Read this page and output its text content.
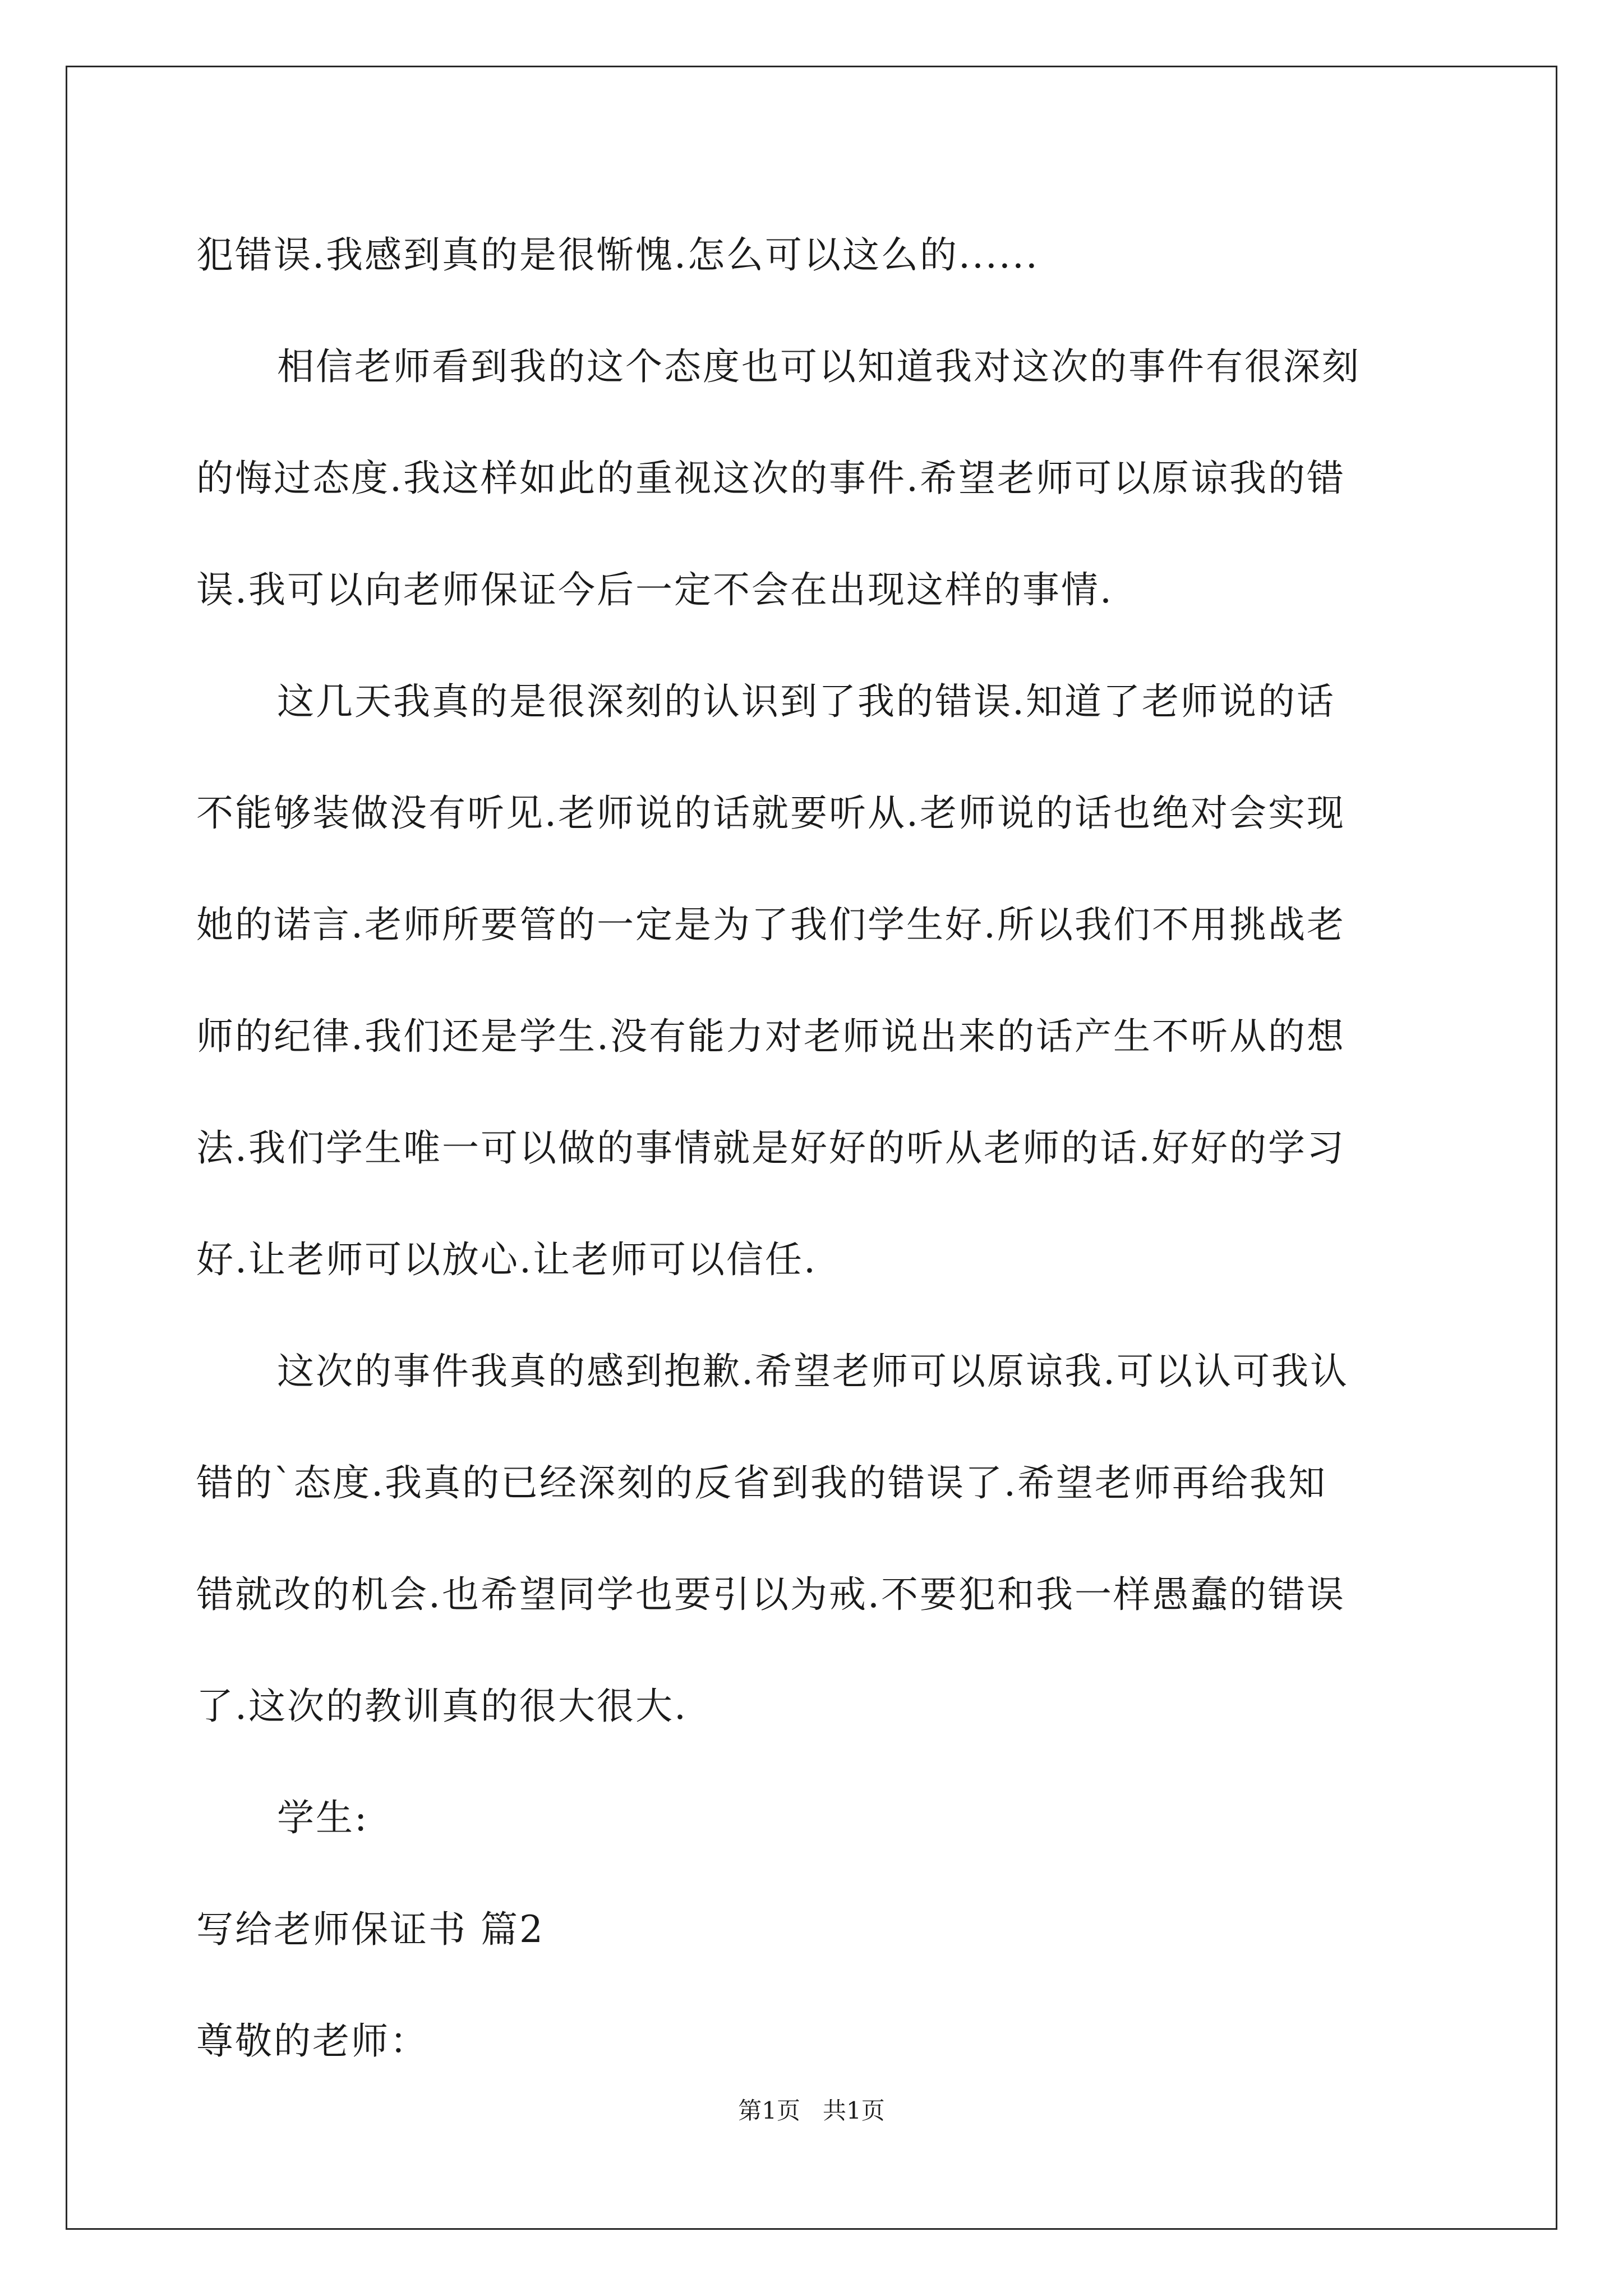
犯错误.我感到真的是很惭愧.怎么可以这么的......
相信老师看到我的这个态度也可以知道我对这次的事件有很深刻
的悔过态度.我这样如此的重视这次的事件.希望老师可以原谅我的错
误.我可以向老师保证今后一定不会在出现这样的事情.
这几天我真的是很深刻的认识到了我的错误.知道了老师说的话
不能够装做没有听见.老师说的话就要听从.老师说的话也绝对会实现
她的诺言.老师所要管的一定是为了我们学生好.所以我们不用挑战老
师的纪律.我们还是学生.没有能力对老师说出来的话产生不听从的想
法.我们学生唯一可以做的事情就是好好的听从老师的话.好好的学习
好.让老师可以放心.让老师可以信任.
这次的事件我真的感到抱歉.希望老师可以原谅我.可以认可我认
错的`态度.我真的已经深刻的反省到我的错误了.希望老师再给我知
错就改的机会.也希望同学也要引以为戒.不要犯和我一样愚蠢的错误
了.这次的教训真的很大很大.
学生:
写给老师保证书 篇2
尊敬的老师：
第1页 共1页
